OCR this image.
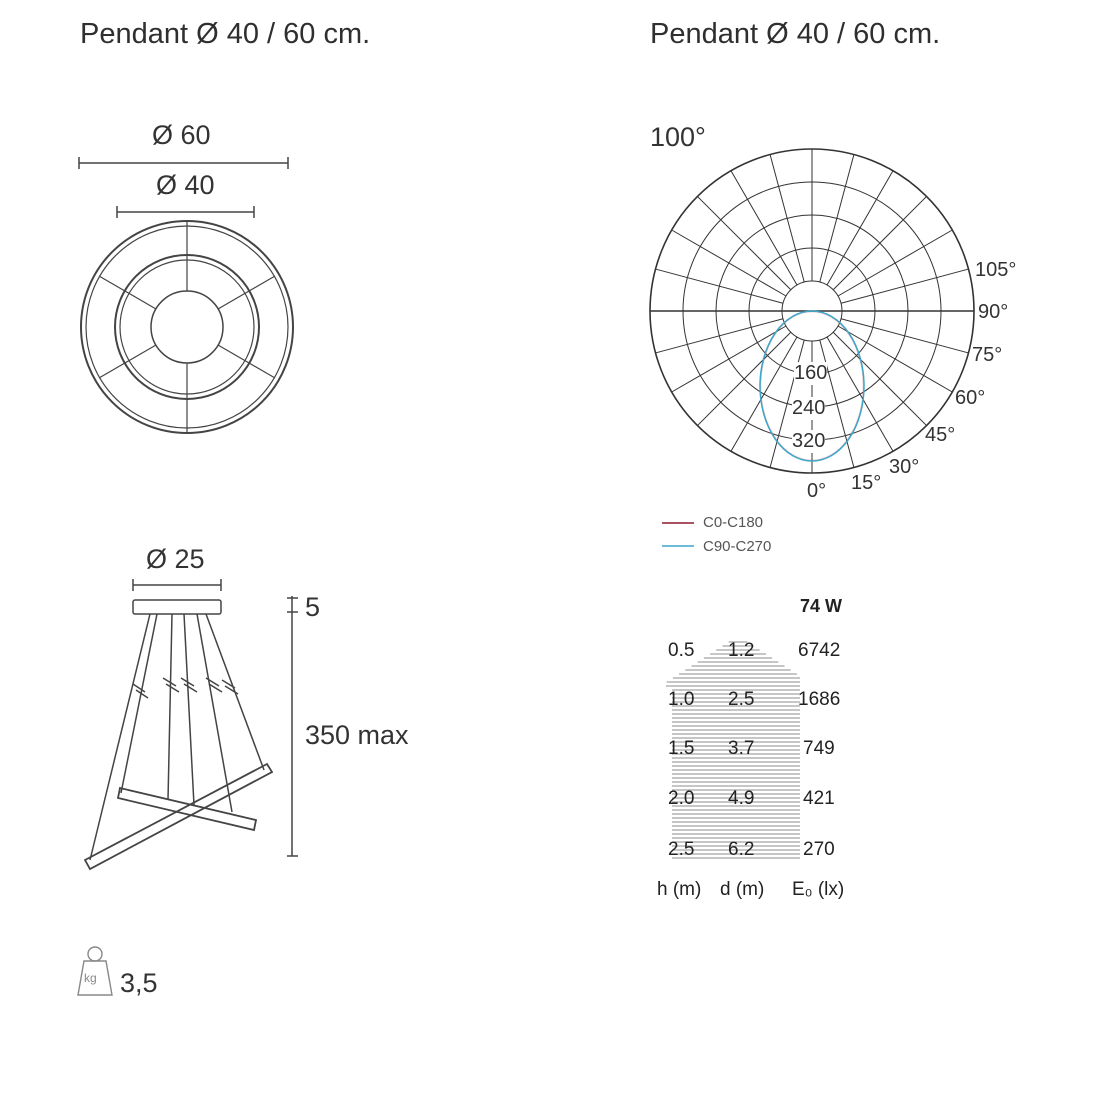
Pendant Ø 40 / 60 cm.
Ø 60
Ø 40
Ø 25
5
350 max
kg 3,5
Pendant Ø 40 / 60 cm.
100°
105°
90°
75°
60°
45°
30°
15°
0°
160
240
320
C0-C180
C90-C270
74 W
0.5 1.2 6742
1.0 2.5 1686
1.5 3.7	749
2.0 4.9	421
2.5 6.2	270
h (m) d (m) E₀ (lx)
